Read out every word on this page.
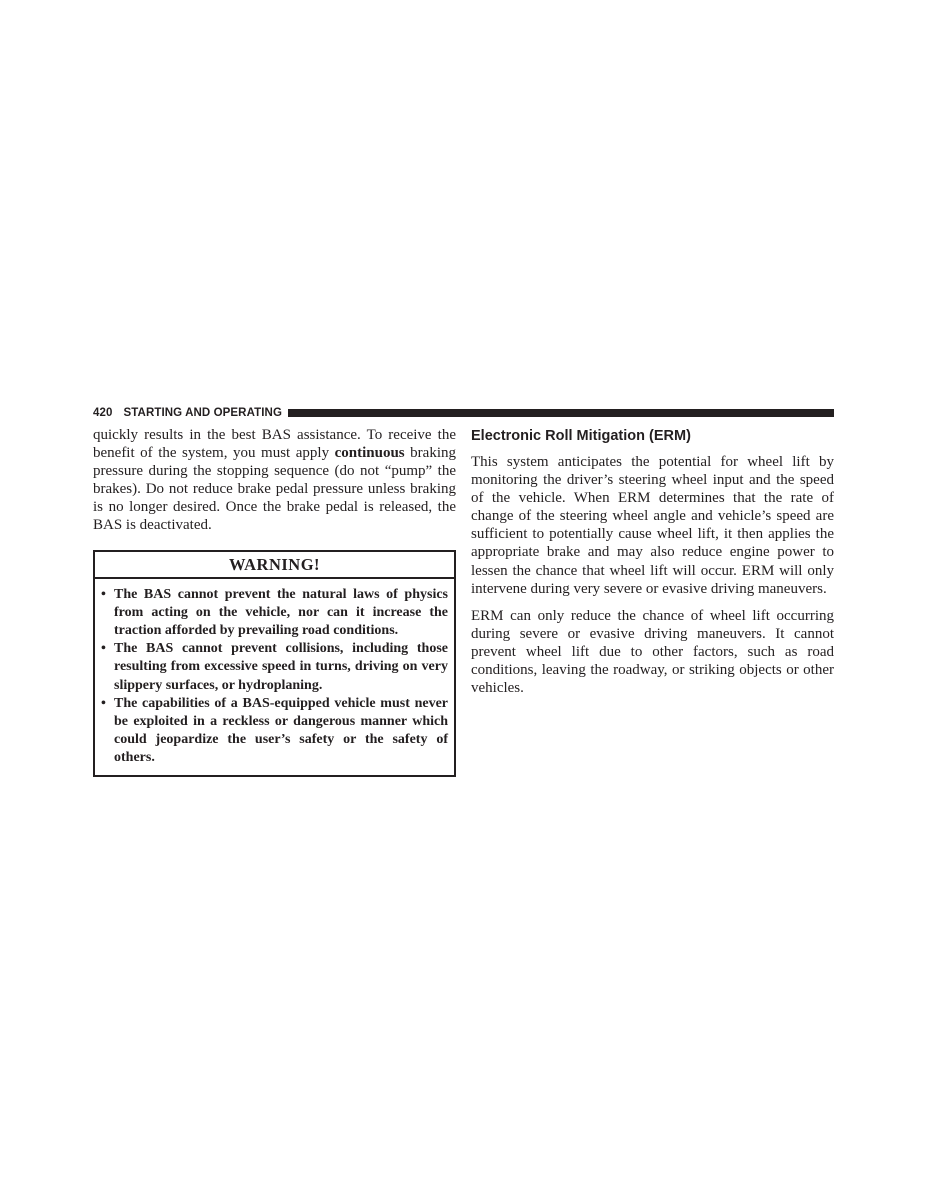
420 STARTING AND OPERATING

quickly results in the best BAS assistance. To receive the benefit of the system, you must apply continuous braking pressure during the stopping sequence (do not “pump” the brakes). Do not reduce brake pedal pressure unless braking is no longer desired. Once the brake pedal is released, the BAS is deactivated.

WARNING!
• The BAS cannot prevent the natural laws of physics from acting on the vehicle, nor can it increase the traction afforded by prevailing road conditions.
• The BAS cannot prevent collisions, including those resulting from excessive speed in turns, driving on very slippery surfaces, or hydroplaning.
• The capabilities of a BAS-equipped vehicle must never be exploited in a reckless or dangerous manner which could jeopardize the user’s safety or the safety of others.
Electronic Roll Mitigation (ERM)

This system anticipates the potential for wheel lift by monitoring the driver’s steering wheel input and the speed of the vehicle. When ERM determines that the rate of change of the steering wheel angle and vehicle’s speed are sufficient to potentially cause wheel lift, it then applies the appropriate brake and may also reduce engine power to lessen the chance that wheel lift will occur. ERM will only intervene during very severe or evasive driving maneuvers.

ERM can only reduce the chance of wheel lift occurring during severe or evasive driving maneuvers. It cannot prevent wheel lift due to other factors, such as road conditions, leaving the roadway, or striking objects or other vehicles.
